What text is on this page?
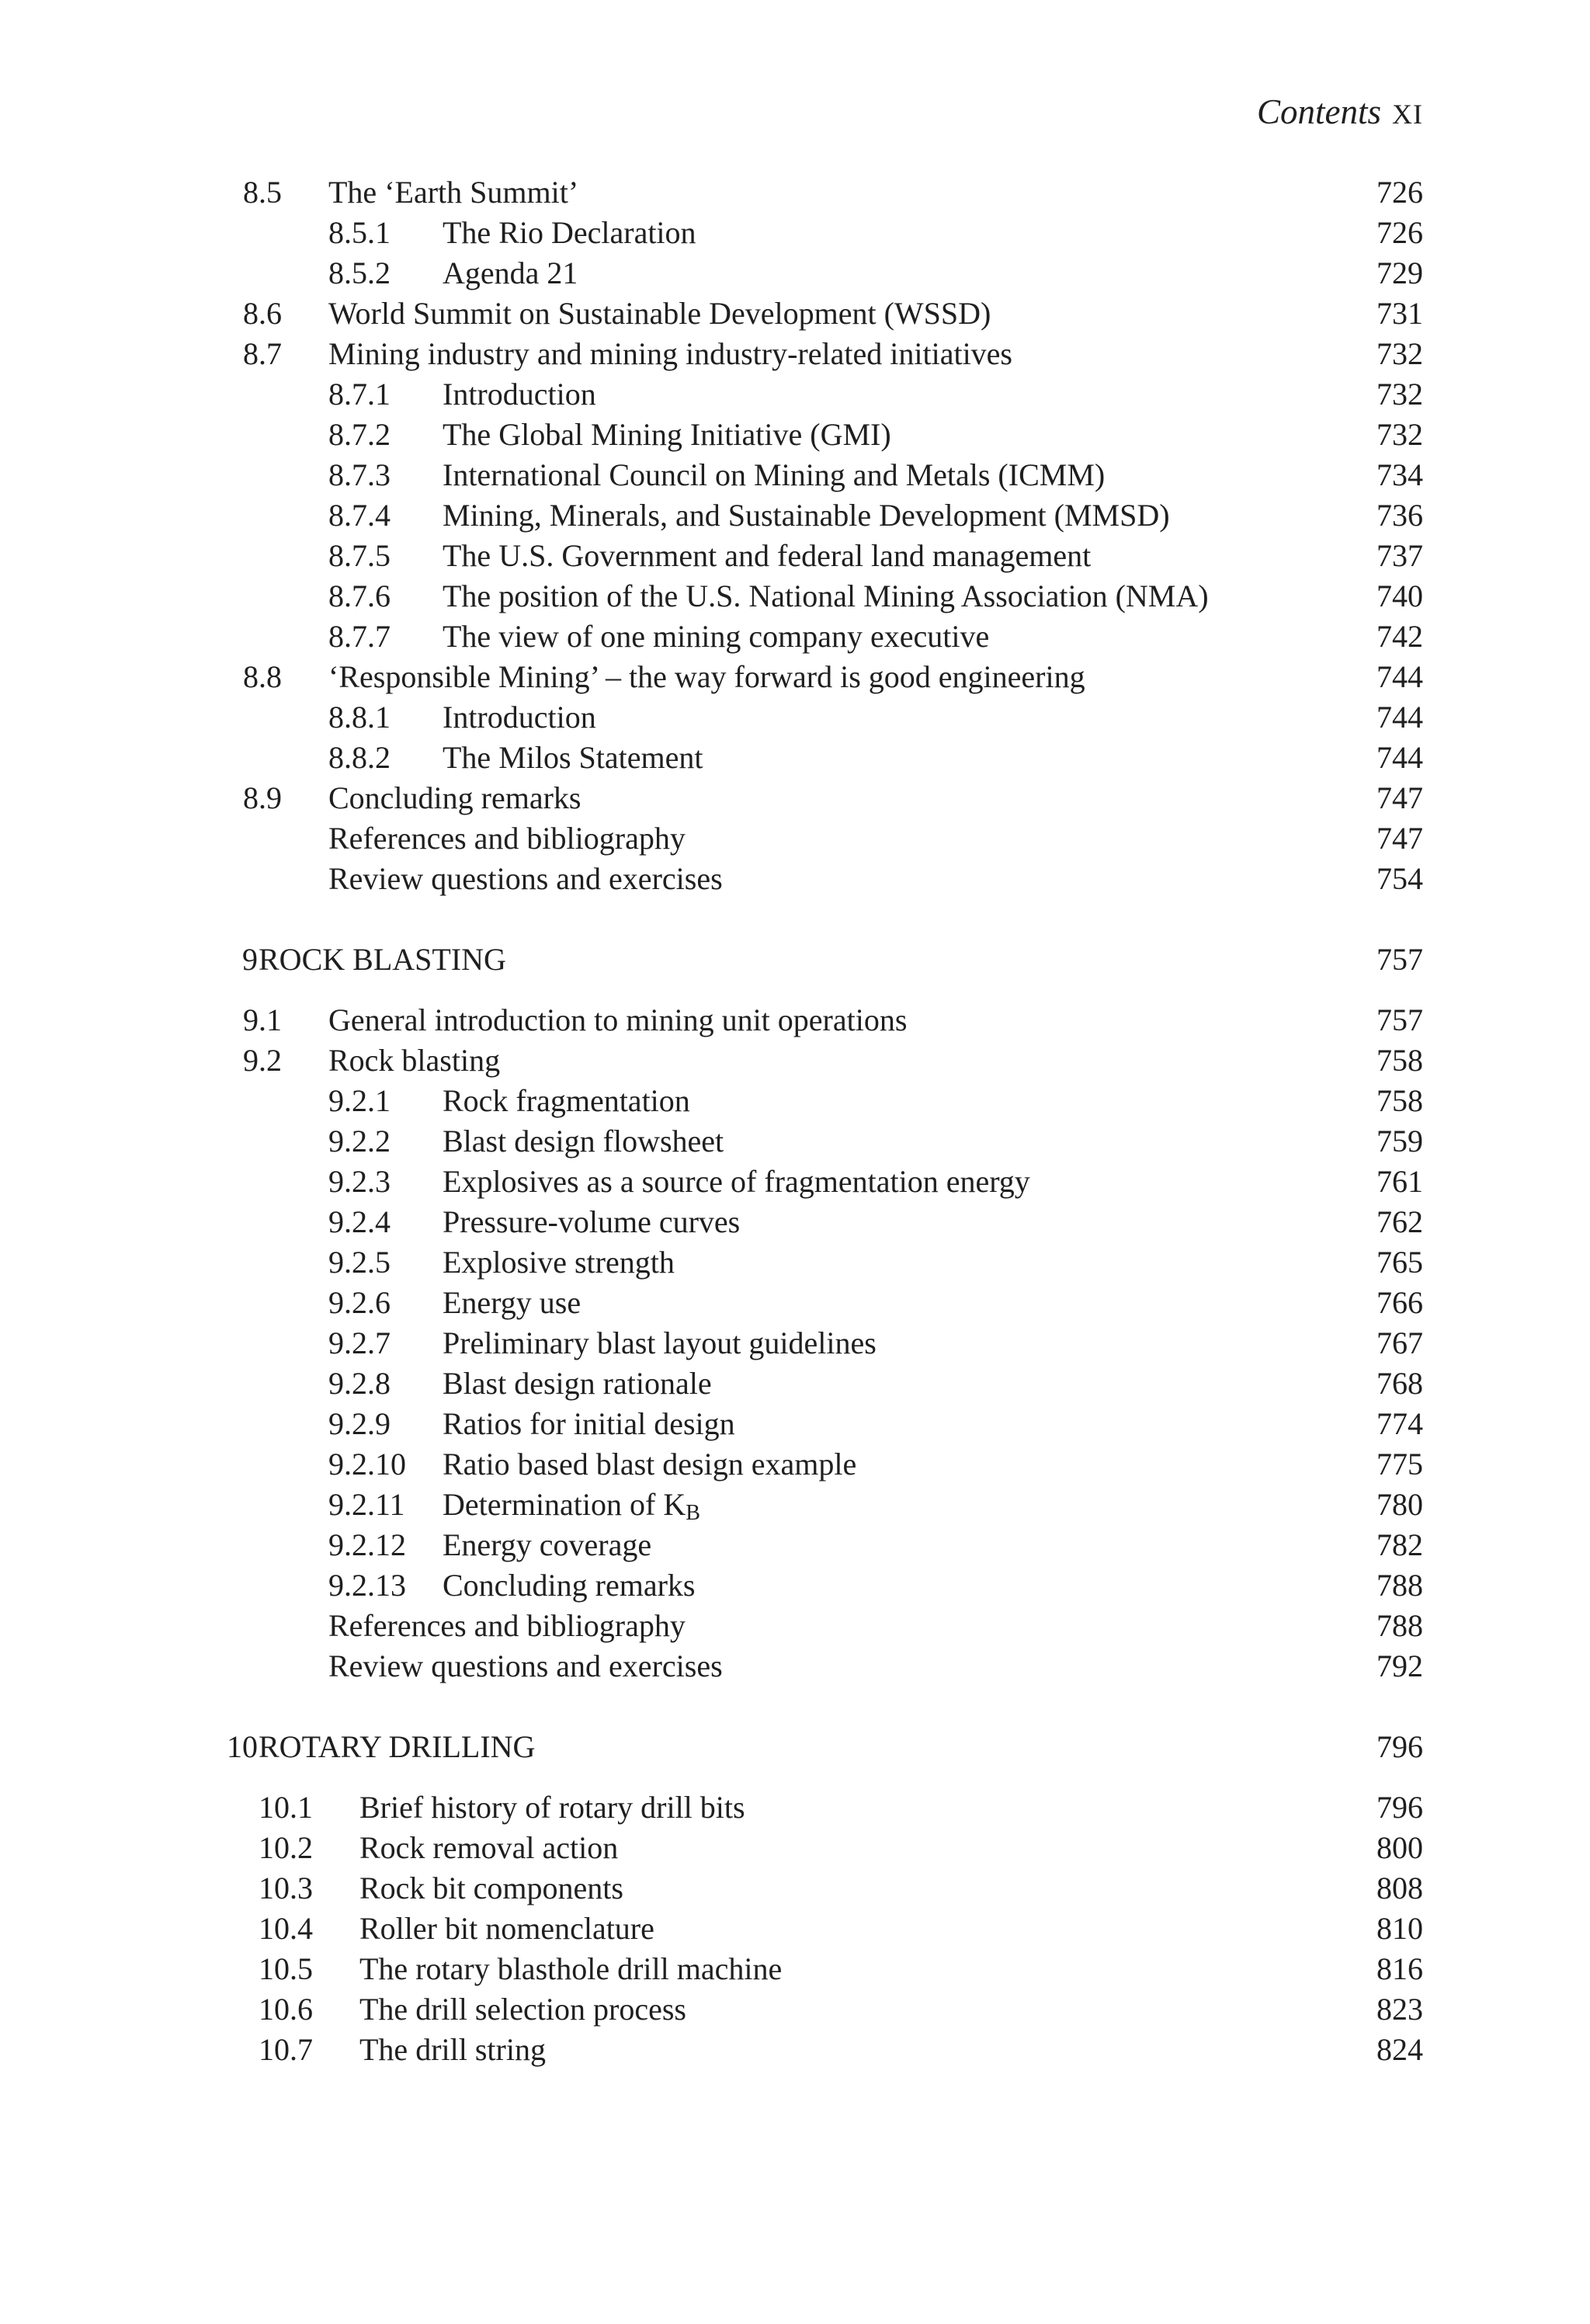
Contents XI
8.5 The ‘Earth Summit’	726
8.5.1 The Rio Declaration	726
8.5.2 Agenda 21	729
8.6 World Summit on Sustainable Development (WSSD)	731
8.7 Mining industry and mining industry-related initiatives	732
8.7.1 Introduction	732
8.7.2 The Global Mining Initiative (GMI)	732
8.7.3 International Council on Mining and Metals (ICMM)	734
8.7.4 Mining, Minerals, and Sustainable Development (MMSD)	736
8.7.5 The U.S. Government and federal land management	737
8.7.6 The position of the U.S. National Mining Association (NMA)	740
8.7.7 The view of one mining company executive	742
8.8 ‘Responsible Mining’ – the way forward is good engineering	744
8.8.1 Introduction	744
8.8.2 The Milos Statement	744
8.9 Concluding remarks	747
References and bibliography	747
Review questions and exercises	754
9 ROCK BLASTING	757
9.1 General introduction to mining unit operations	757
9.2 Rock blasting	758
9.2.1 Rock fragmentation	758
9.2.2 Blast design flowsheet	759
9.2.3 Explosives as a source of fragmentation energy	761
9.2.4 Pressure-volume curves	762
9.2.5 Explosive strength	765
9.2.6 Energy use	766
9.2.7 Preliminary blast layout guidelines	767
9.2.8 Blast design rationale	768
9.2.9 Ratios for initial design	774
9.2.10 Ratio based blast design example	775
9.2.11 Determination of $K_B$	780
9.2.12 Energy coverage	782
9.2.13 Concluding remarks	788
References and bibliography	788
Review questions and exercises	792
10 ROTARY DRILLING	796
10.1 Brief history of rotary drill bits	796
10.2 Rock removal action	800
10.3 Rock bit components	808
10.4 Roller bit nomenclature	810
10.5 The rotary blasthole drill machine	816
10.6 The drill selection process	823
10.7 The drill string	824
